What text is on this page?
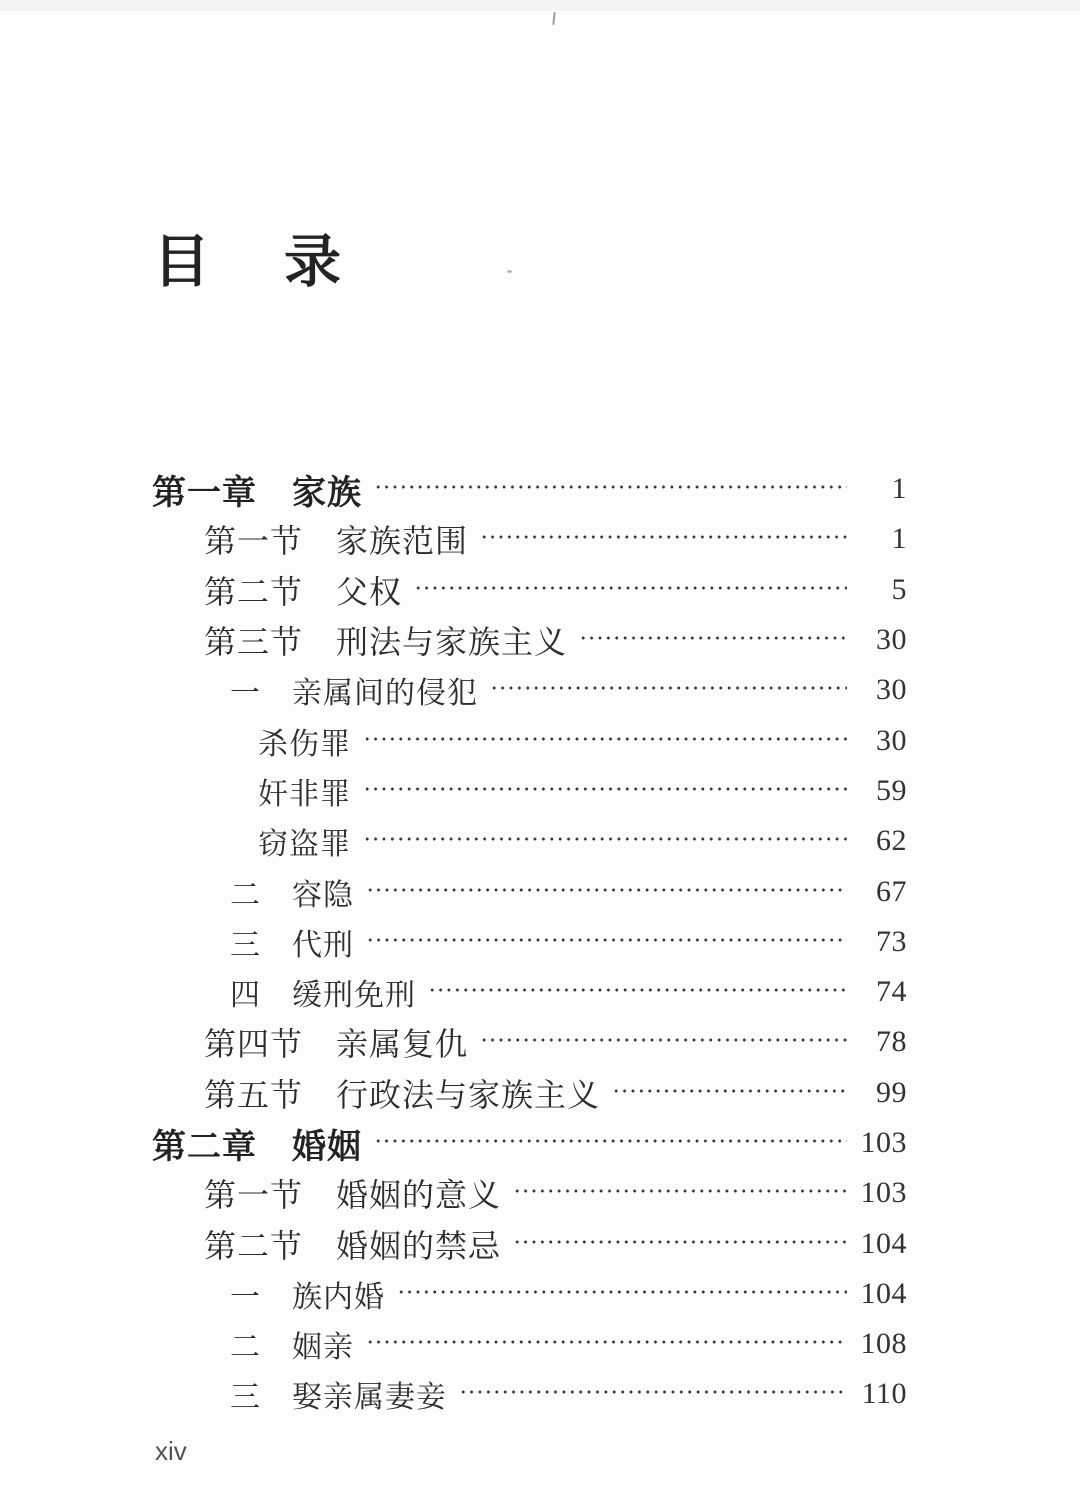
目录
第一章　家族	1
第一节　家族范围	1
第二节　父权	5
第三节　刑法与家族主义	30
一　亲属间的侵犯	30
杀伤罪	30
奸非罪	59
窃盗罪	62
二　容隐	67
三　代刑	73
四　缓刑免刑	74
第四节　亲属复仇	78
第五节　行政法与家族主义	99
第二章　婚姻	103
第一节　婚姻的意义	103
第二节　婚姻的禁忌	104
一　族内婚	104
二　姻亲	108
三　娶亲属妻妾	110
xiv
